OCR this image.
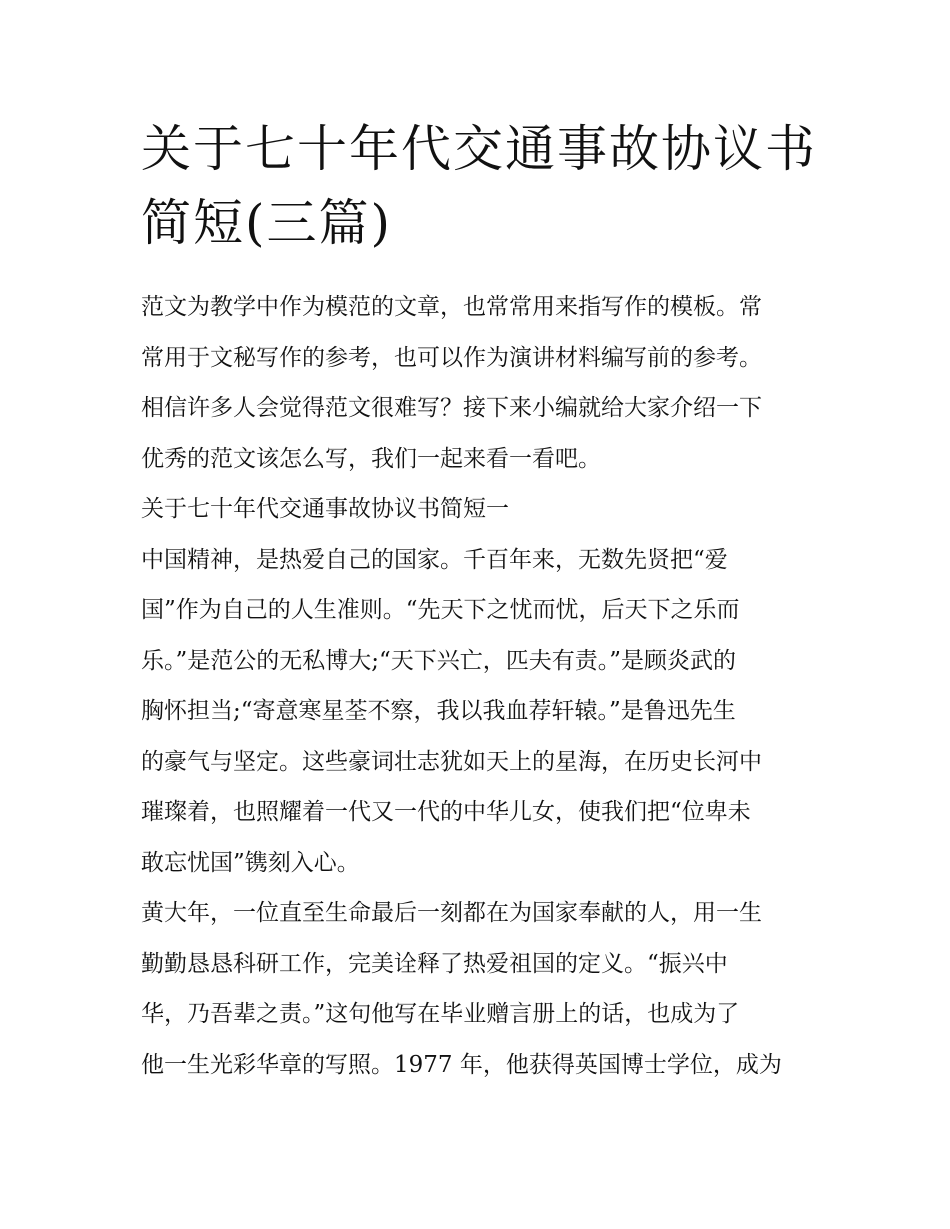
关于七十年代交通事故协议书
简短(三篇)
范文为教学中作为模范的文章，也常常用来指写作的模板。常
常用于文秘写作的参考，也可以作为演讲材料编写前的参考。
相信许多人会觉得范文很难写？接下来小编就给大家介绍一下
优秀的范文该怎么写，我们一起来看一看吧。
关于七十年代交通事故协议书简短一
中国精神，是热爱自己的国家。千百年来，无数先贤把“爱
国”作为自己的人生准则。“先天下之忧而忧，后天下之乐而
乐。”是范公的无私博大;“天下兴亡，匹夫有责。”是顾炎武的
胸怀担当;“寄意寒星荃不察，我以我血荐轩辕。”是鲁迅先生
的豪气与坚定。这些豪词壮志犹如天上的星海，在历史长河中
璀璨着，也照耀着一代又一代的中华儿女，使我们把“位卑未
敢忘忧国”镌刻入心。
黄大年，一位直至生命最后一刻都在为国家奉献的人，用一生
勤勤恳恳科研工作，完美诠释了热爱祖国的定义。“振兴中
华，乃吾辈之责。”这句他写在毕业赠言册上的话，也成为了
他一生光彩华章的写照。1977 年，他获得英国博士学位，成为
